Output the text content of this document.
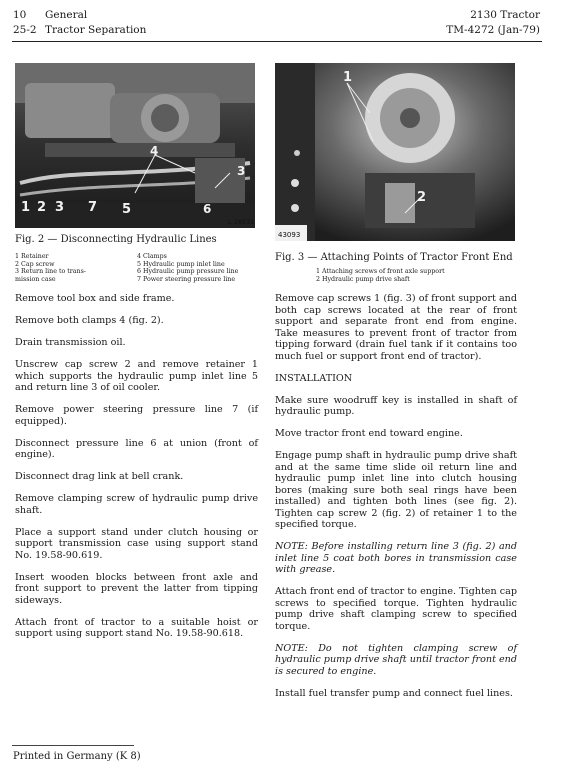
10 General
25-2 Tractor Separation
2130 Tractor
TM-4272 (Jan-79)
1 2 3 7 5
4
3
6
L 16531
Fig. 2 — Disconnecting Hydraulic Lines
1 Retainer
2 Cap screw
3 Return line to trans-
mission case
4 Clamps
5 Hydraulic pump inlet line
6 Hydraulic pump pressure line
7 Power steering pressure line
1
2
43093
Fig. 3 — Attaching Points of Tractor Front End
1 Attaching screws of front axle support
2 Hydraulic pump drive shaft

Remove tool box and side frame.

Remove both clamps 4 (fig. 2).

Drain transmission oil.

Unscrew cap screw 2 and remove retainer 1 which supports the hydraulic pump inlet line 5 and return line 3 of oil cooler.

Remove power steering pressure line 7 (if equipped).

Disconnect pressure line 6 at union (front of engine).

Disconnect drag link at bell crank.

Remove clamping screw of hydraulic pump drive shaft.

Place a support stand under clutch housing or support transmission case using support stand No. 19.58-90.619.

Insert wooden blocks between front axle and front support to prevent the latter from tipping sideways.

Attach front of tractor to a suitable hoist or support using support stand No. 19.58-90.618.

Remove cap screws 1 (fig. 3) of front support and both cap screws located at the rear of front support and separate front end from engine. Take measures to prevent front of tractor from tipping forward (drain fuel tank if it contains too much fuel or support front end of tractor).

INSTALLATION

Make sure woodruff key is installed in shaft of hydraulic pump.

Move tractor front end toward engine.

Engage pump shaft in hydraulic pump drive shaft and at the same time slide oil return line and hydraulic pump inlet line into clutch housing bores (making sure both seal rings have been installed) and tighten both lines (see fig. 2). Tighten cap screw 2 (fig. 2) of retainer 1 to the specified torque.

NOTE: Before installing return line 3 (fig. 2) and inlet line 5 coat both bores in transmission case with grease.

Attach front end of tractor to engine. Tighten cap screws to specified torque. Tighten hydraulic pump drive shaft clamping screw to specified torque.

NOTE: Do not tighten clamping screw of hydraulic pump drive shaft until tractor front end is secured to engine.

Install fuel transfer pump and connect fuel lines.

Printed in Germany (K 8)
